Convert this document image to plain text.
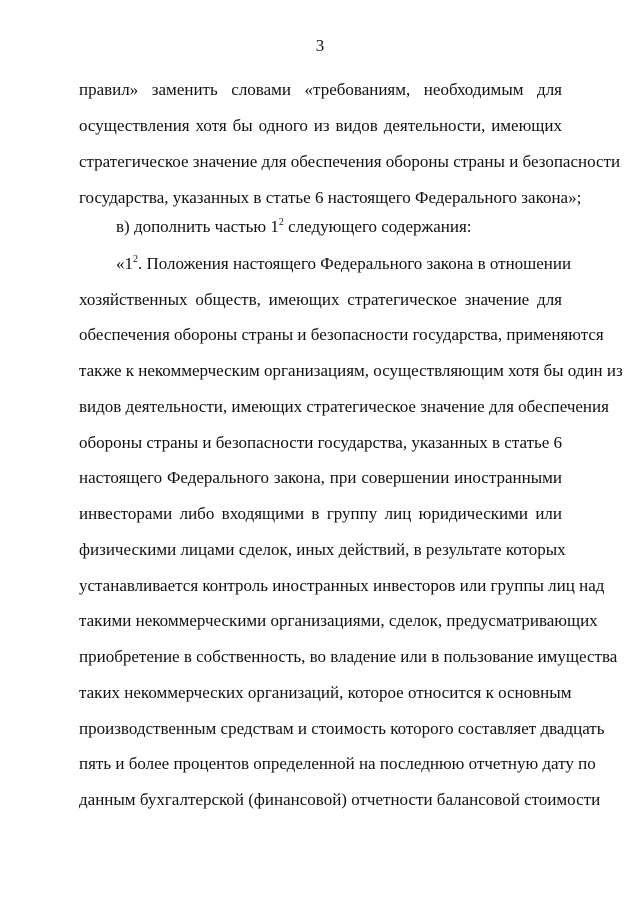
3
правил» заменить словами «требованиям, необходимым для
осуществления хотя бы одного из видов деятельности, имеющих
стратегическое значение для обеспечения обороны страны и безопасности
государства, указанных в статье 6 настоящего Федерального закона»;
в) дополнить частью $1^2$ следующего содержания:
«$1^2$. Положения настоящего Федерального закона в отношении
хозяйственных обществ, имеющих стратегическое значение для
обеспечения обороны страны и безопасности государства, применяются
также к некоммерческим организациям, осуществляющим хотя бы один из
видов деятельности, имеющих стратегическое значение для обеспечения
обороны страны и безопасности государства, указанных в статье 6
настоящего Федерального закона, при совершении иностранными
инвесторами либо входящими в группу лиц юридическими или
физическими лицами сделок, иных действий, в результате которых
устанавливается контроль иностранных инвесторов или группы лиц над
такими некоммерческими организациями, сделок, предусматривающих
приобретение в собственность, во владение или в пользование имущества
таких некоммерческих организаций, которое относится к основным
производственным средствам и стоимость которого составляет двадцать
пять и более процентов определенной на последнюю отчетную дату по
данным бухгалтерской (финансовой) отчетности балансовой стоимости
